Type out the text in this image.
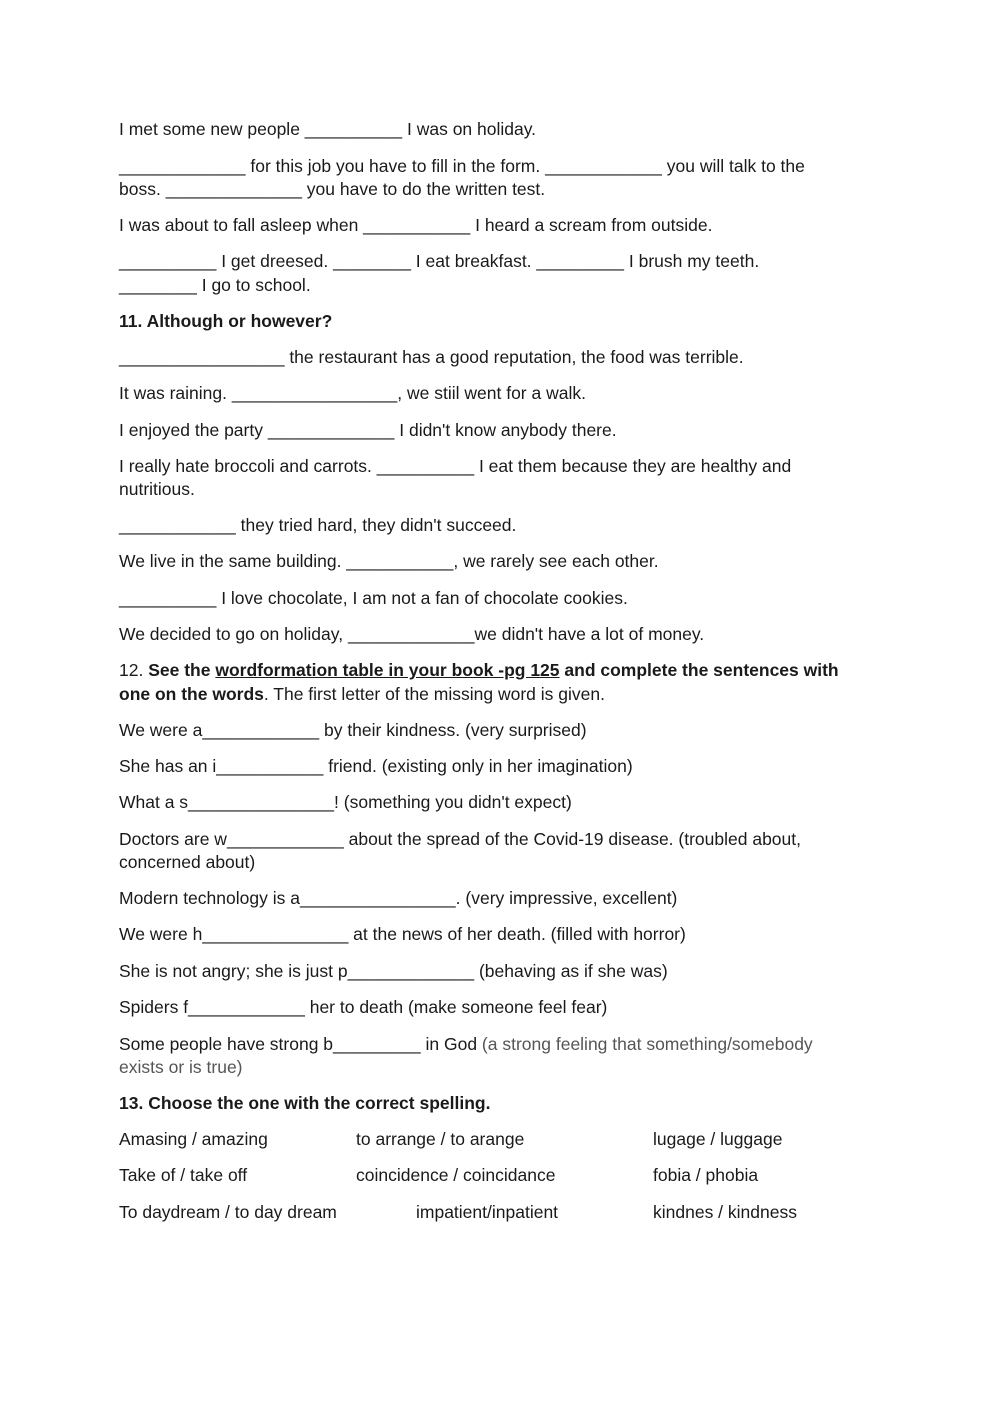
I met some new people __________ I was on holiday.
_____________ for this job you have to fill in the form. ____________ you will talk to the
boss. ______________ you have to do the written test.
I was about to fall asleep when ___________ I heard a scream from outside.
__________ I get dreesed. ________ I eat breakfast. _________ I brush my teeth.
________ I go to school.
11. Although or however?
_________________ the restaurant has a good reputation, the food was terrible.
It was raining. _________________, we stiil went for a walk.
I enjoyed the party _____________ I didn't know anybody there.
I really hate broccoli and carrots. __________ I eat them because they are healthy and
nutritious.
____________ they tried hard, they didn't succeed.
We live in the same building. ___________, we rarely see each other.
__________ I love chocolate, I am not a fan of chocolate cookies.
We decided to go on holiday, _____________we didn't have a lot of money.
12. See the wordformation table in your book -pg 125 and complete the sentences with
one on the words. The first letter of the missing word is given.
We were a____________ by their kindness. (very surprised)
She has an i___________ friend. (existing only in her imagination)
What a s_______________! (something you didn't expect)
Doctors are w____________ about the spread of the Covid-19 disease. (troubled about,
concerned about)
Modern technology is a________________. (very impressive, excellent)
We were h_______________ at the news of her death. (filled with horror)
She is not angry; she is just p_____________ (behaving as if she was)
Spiders f____________ her to death (make someone feel fear)
Some people have strong b_________ in God (a strong feeling that something/somebody
exists or is true)
13. Choose the one with the correct spelling.
Amasing / amazing	to arrange / to arange	lugage / luggage
Take of / take off	coincidence / coincidance	fobia / phobia
To daydream / to day dream	impatient/inpatient	kindnes / kindness
